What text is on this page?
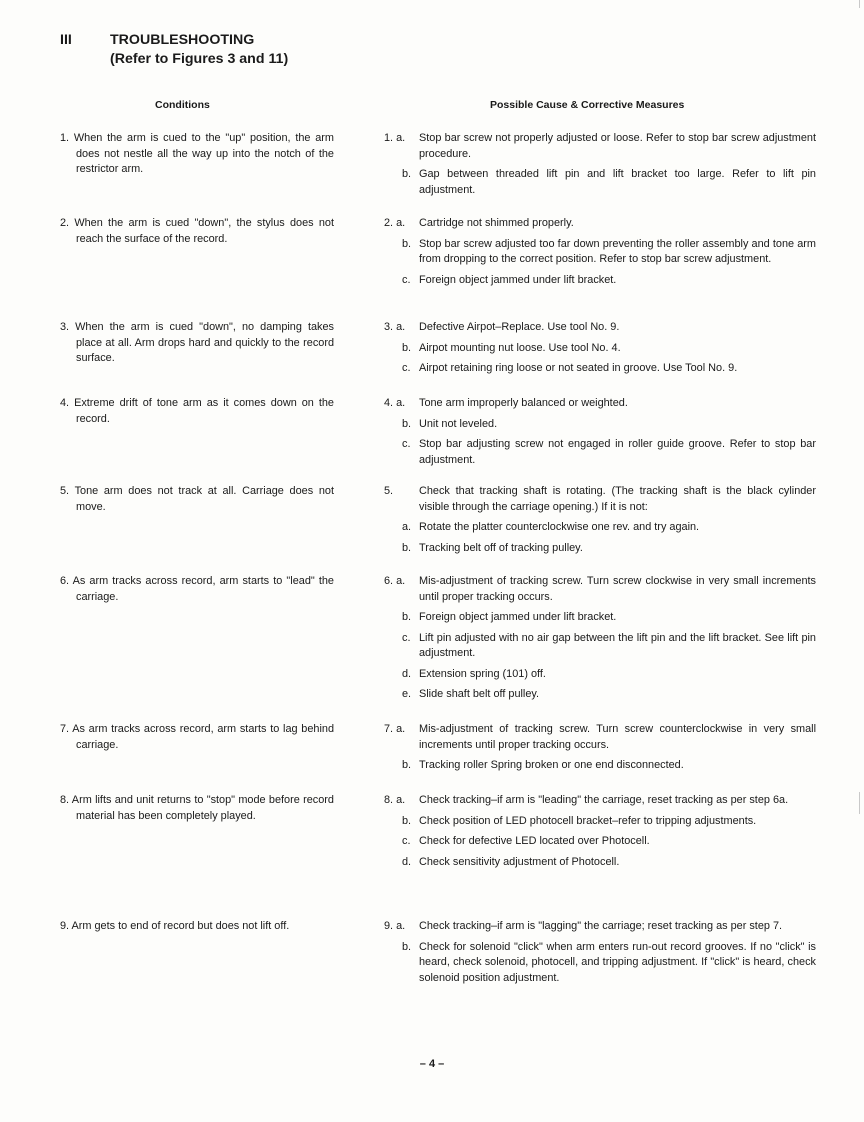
III	TROUBLESHOOTING
(Refer to Figures 3 and 11)
Conditions	Possible Cause & Corrective Measures
1. When the arm is cued to the "up" position, the arm does not nestle all the way up into the notch of the restrictor arm.
1. a. Stop bar screw not properly adjusted or loose. Refer to stop bar screw adjustment procedure.
b. Gap between threaded lift pin and lift bracket too large. Refer to lift pin adjustment.
2. When the arm is cued "down", the stylus does not reach the surface of the record.
2. a. Cartridge not shimmed properly.
b. Stop bar screw adjusted too far down preventing the roller assembly and tone arm from dropping to the correct position. Refer to stop bar screw adjustment.
c. Foreign object jammed under lift bracket.
3. When the arm is cued "down", no damping takes place at all. Arm drops hard and quickly to the record surface.
3. a. Defective Airpot–Replace. Use tool No. 9.
b. Airpot mounting nut loose. Use tool No. 4.
c. Airpot retaining ring loose or not seated in groove. Use Tool No. 9.
4. Extreme drift of tone arm as it comes down on the record.
4. a. Tone arm improperly balanced or weighted.
b. Unit not leveled.
c. Stop bar adjusting screw not engaged in roller guide groove. Refer to stop bar adjustment.
5. Tone arm does not track at all. Carriage does not move.
5. Check that tracking shaft is rotating. (The tracking shaft is the black cylinder visible through the carriage opening.) If it is not:
a. Rotate the platter counterclockwise one rev. and try again.
b. Tracking belt off of tracking pulley.
6. As arm tracks across record, arm starts to "lead" the carriage.
6. a. Mis-adjustment of tracking screw. Turn screw clockwise in very small increments until proper tracking occurs.
b. Foreign object jammed under lift bracket.
c. Lift pin adjusted with no air gap between the lift pin and the lift bracket. See lift pin adjustment.
d. Extension spring (101) off.
e. Slide shaft belt off pulley.
7. As arm tracks across record, arm starts to lag behind carriage.
7. a. Mis-adjustment of tracking screw. Turn screw counterclockwise in very small increments until proper tracking occurs.
b. Tracking roller Spring broken or one end disconnected.
8. Arm lifts and unit returns to "stop" mode before record material has been completely played.
8. a. Check tracking–if arm is "leading" the carriage, reset tracking as per step 6a.
b. Check position of LED photocell bracket–refer to tripping adjustments.
c. Check for defective LED located over Photocell.
d. Check sensitivity adjustment of Photocell.
9. Arm gets to end of record but does not lift off.	9. a. Check tracking–if arm is "lagging" the carriage; reset tracking as per step 7.
b. Check for solenoid "click" when arm enters run-out record grooves. If no "click" is heard, check solenoid, photocell, and tripping adjustment. If "click" is heard, check solenoid position adjustment.
– 4 –
